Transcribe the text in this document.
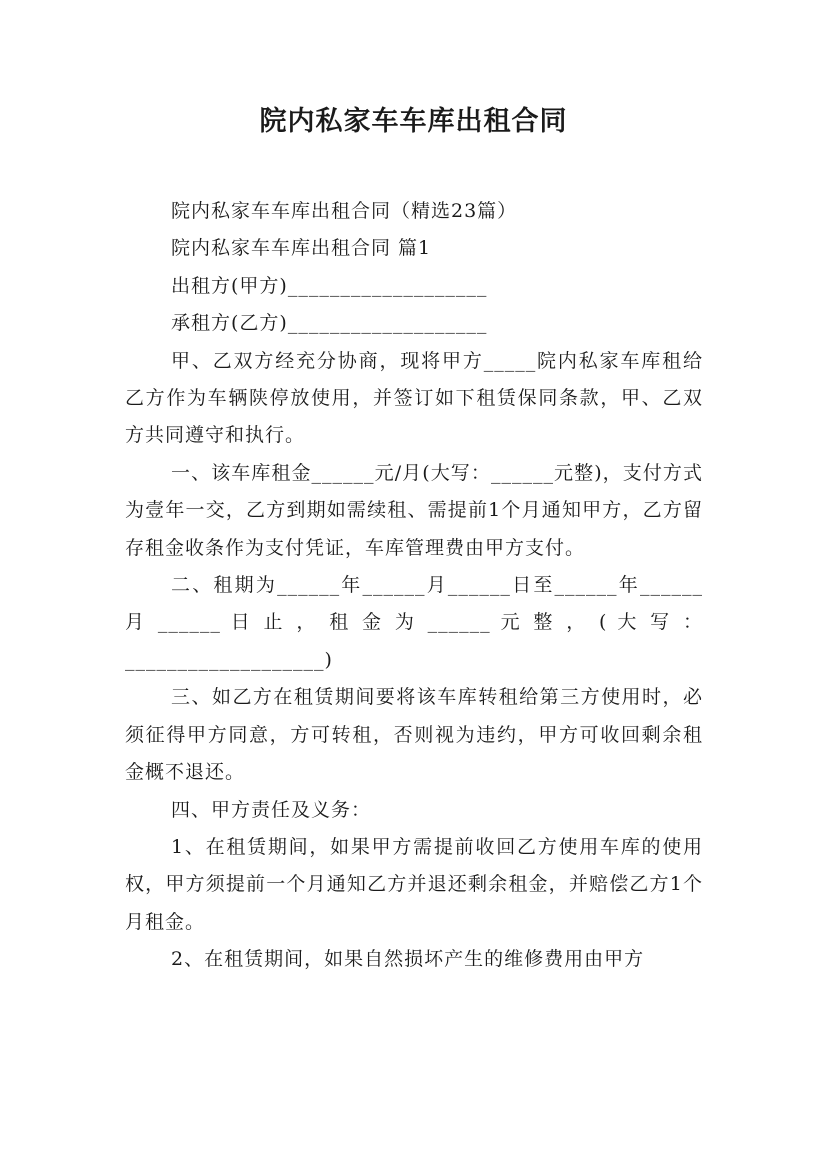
院内私家车车库出租合同

院内私家车车库出租合同（精选23篇）

院内私家车车库出租合同 篇1

出租方(甲方)___________________

承租方(乙方)___________________

甲、乙双方经充分协商，现将甲方_____院内私家车库租给乙方作为车辆陕停放使用，并签订如下租赁保同条款，甲、乙双方共同遵守和执行。

一、该车库租金______元/月(大写：______元整)，支付方式为壹年一交，乙方到期如需续租、需提前1个月通知甲方，乙方留存租金收条作为支付凭证，车库管理费由甲方支付。

二、租期为______年______月______日至______年______

月 ______ 日 止 ， 租 金 为 ______ 元 整 ， ( 大 写 ：

___________________)

三、如乙方在租赁期间要将该车库转租给第三方使用时，必须征得甲方同意，方可转租，否则视为违约，甲方可收回剩余租金概不退还。

四、甲方责任及义务：

1、在租赁期间，如果甲方需提前收回乙方使用车库的使用权，甲方须提前一个月通知乙方并退还剩余租金，并赔偿乙方1个月租金。

2、在租赁期间，如果自然损坏产生的维修费用由甲方
